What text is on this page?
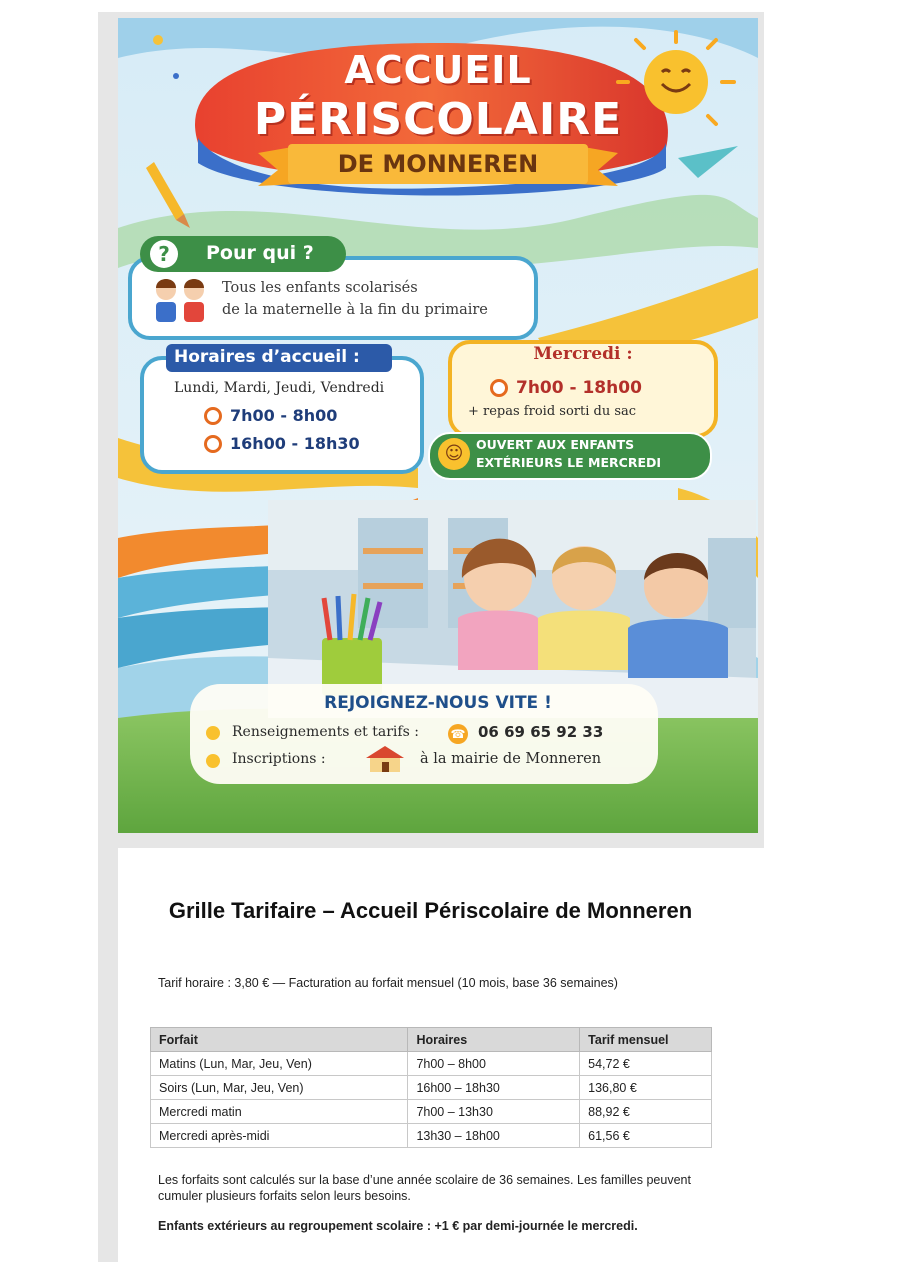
ACCUEIL
PÉRISCOLAIRE
DE MONNEREN
?	Pour qui ?
Tous les enfants scolarisés
de la maternelle à la fin du primaire
Horaires d’accueil :
Lundi, Mardi, Jeudi, Vendredi
7h00 - 8h00
16h00 - 18h30
Mercredi :
7h00 - 18h00
+ repas froid sorti du sac
☺	OUVERT AUX ENFANTS
EXTÉRIEURS LE MERCREDI
REJOIGNEZ-NOUS VITE !
Renseignements et tarifs :	☎ 06 69 65 92 33
Inscriptions :	à la mairie de Monneren
Grille Tarifaire – Accueil Périscolaire de Monneren
Tarif horaire : 3,80 € — Facturation au forfait mensuel (10 mois, base 36 semaines)
Forfait	Horaires	Tarif mensuel
Matins (Lun, Mar, Jeu, Ven)	7h00 – 8h00	54,72 €
Soirs (Lun, Mar, Jeu, Ven)	16h00 – 18h30	136,80 €
Mercredi matin	7h00 – 13h30	88,92 €
Mercredi après-midi	13h30 – 18h00	61,56 €
Les forfaits sont calculés sur la base d’une année scolaire de 36 semaines. Les familles peuvent cumuler plusieurs forfaits selon leurs besoins.
Enfants extérieurs au regroupement scolaire : +1 € par demi-journée le mercredi.
